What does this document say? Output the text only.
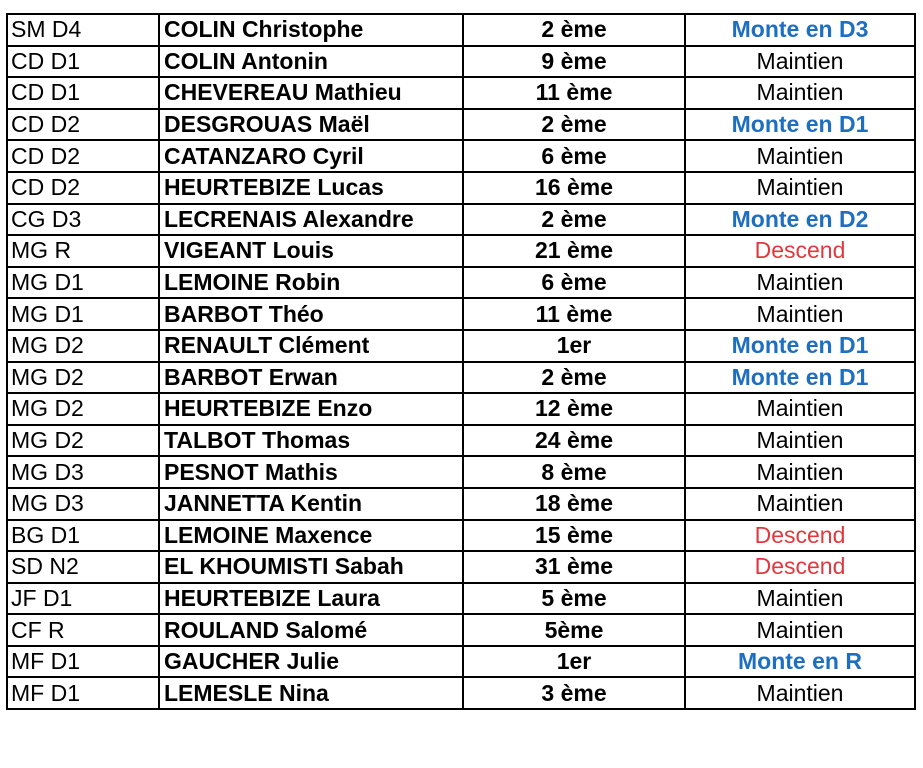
SM D4	COLIN Christophe	2 ème	Monte en D3
CD D1	COLIN Antonin	9 ème	Maintien
CD D1	CHEVEREAU Mathieu	11 ème	Maintien
CD D2	DESGROUAS Maël	2 ème	Monte en D1
CD D2	CATANZARO Cyril	6 ème	Maintien
CD D2	HEURTEBIZE Lucas	16 ème	Maintien
CG D3	LECRENAIS Alexandre	2 ème	Monte en D2
MG R	VIGEANT Louis	21 ème	Descend
MG D1	LEMOINE Robin	6 ème	Maintien
MG D1	BARBOT Théo	11 ème	Maintien
MG D2	RENAULT Clément	1er	Monte en D1
MG D2	BARBOT Erwan	2 ème	Monte en D1
MG D2	HEURTEBIZE Enzo	12 ème	Maintien
MG D2	TALBOT Thomas	24 ème	Maintien
MG D3	PESNOT Mathis	8 ème	Maintien
MG D3	JANNETTA Kentin	18 ème	Maintien
BG D1	LEMOINE Maxence	15 ème	Descend
SD N2	EL KHOUMISTI Sabah	31 ème	Descend
JF D1	HEURTEBIZE Laura	5 ème	Maintien
CF R	ROULAND Salomé	5ème	Maintien
MF D1	GAUCHER Julie	1er	Monte en R
MF D1	LEMESLE Nina	3 ème	Maintien
